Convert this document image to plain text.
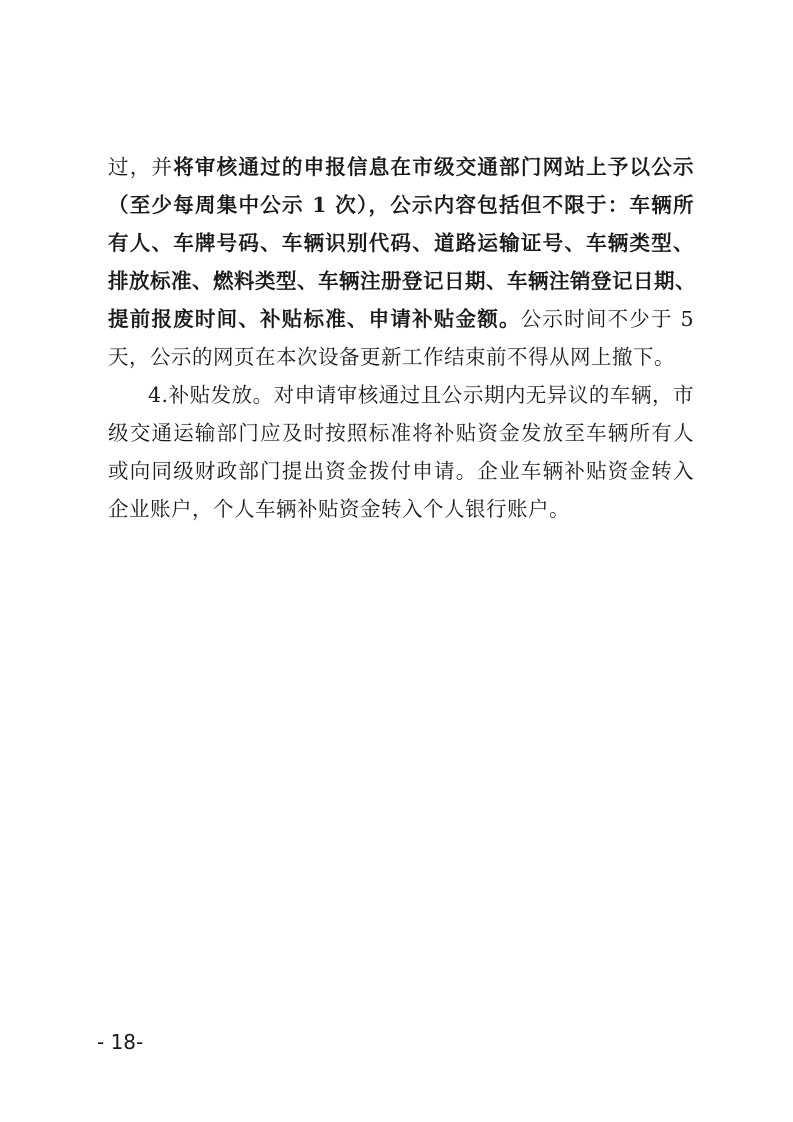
过，并将审核通过的申报信息在市级交通部门网站上予以公示
（至少每周集中公示 1 次），公示内容包括但不限于：车辆所
有人、车牌号码、车辆识别代码、道路运输证号、车辆类型、
排放标准、燃料类型、车辆注册登记日期、车辆注销登记日期、
提前报废时间、补贴标准、申请补贴金额。公示时间不少于 5
天，公示的网页在本次设备更新工作结束前不得从网上撤下。
4.补贴发放。对申请审核通过且公示期内无异议的车辆，市
级交通运输部门应及时按照标准将补贴资金发放至车辆所有人
或向同级财政部门提出资金拨付申请。企业车辆补贴资金转入
企业账户，个人车辆补贴资金转入个人银行账户。
- 18-
